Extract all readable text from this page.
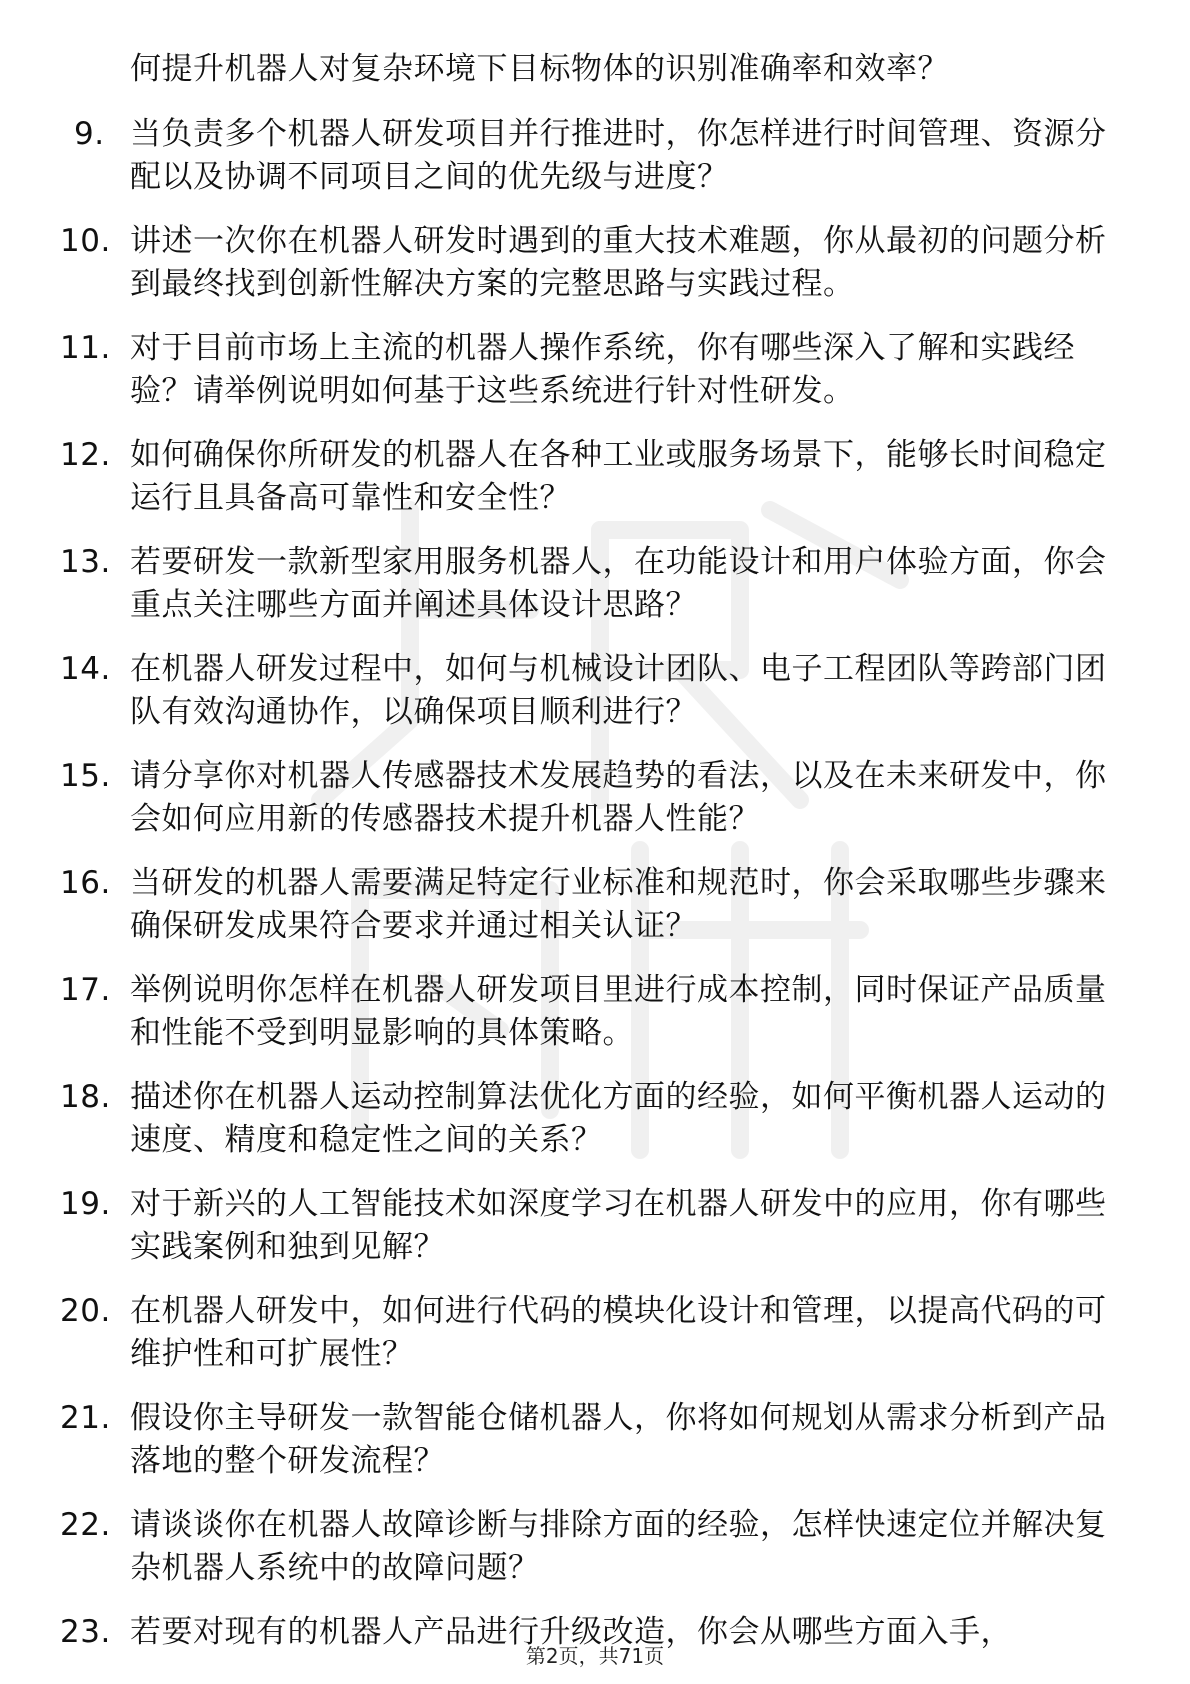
何提升机器人对复杂环境下目标物体的识别准确率和效率？
9. 当负责多个机器人研发项目并行推进时，你怎样进行时间管理、资源分配以及协调不同项目之间的优先级与进度？
10. 讲述一次你在机器人研发时遇到的重大技术难题，你从最初的问题分析到最终找到创新性解决方案的完整思路与实践过程。
11. 对于目前市场上主流的机器人操作系统，你有哪些深入了解和实践经验？请举例说明如何基于这些系统进行针对性研发。
12. 如何确保你所研发的机器人在各种工业或服务场景下，能够长时间稳定运行且具备高可靠性和安全性？
13. 若要研发一款新型家用服务机器人，在功能设计和用户体验方面，你会重点关注哪些方面并阐述具体设计思路？
14. 在机器人研发过程中，如何与机械设计团队、电子工程团队等跨部门团队有效沟通协作，以确保项目顺利进行？
15. 请分享你对机器人传感器技术发展趋势的看法，以及在未来研发中，你会如何应用新的传感器技术提升机器人性能？
16. 当研发的机器人需要满足特定行业标准和规范时，你会采取哪些步骤来确保研发成果符合要求并通过相关认证？
17. 举例说明你怎样在机器人研发项目里进行成本控制，同时保证产品质量和性能不受到明显影响的具体策略。
18. 描述你在机器人运动控制算法优化方面的经验，如何平衡机器人运动的速度、精度和稳定性之间的关系？
19. 对于新兴的人工智能技术如深度学习在机器人研发中的应用，你有哪些实践案例和独到见解？
20. 在机器人研发中，如何进行代码的模块化设计和管理，以提高代码的可维护性和可扩展性？
21. 假设你主导研发一款智能仓储机器人，你将如何规划从需求分析到产品落地的整个研发流程？
22. 请谈谈你在机器人故障诊断与排除方面的经验，怎样快速定位并解决复杂机器人系统中的故障问题？
23. 若要对现有的机器人产品进行升级改造，你会从哪些方面入手，
第2页，共71页
